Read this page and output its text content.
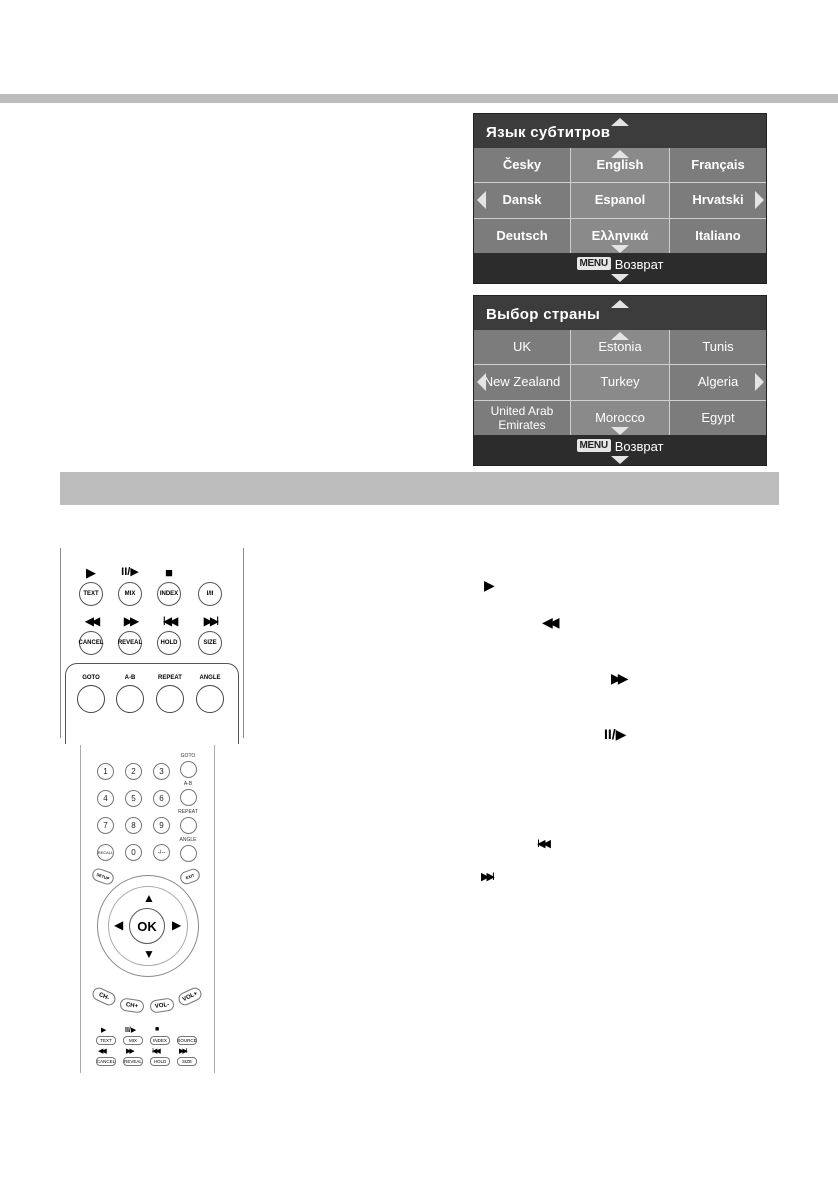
Язык субтитров
Česky	English	Français
Dansk	Espanol	Hrvatski
Deutsch	Ελληνικά	Italiano
MENU Возврат
Выбор страны
UK	Estonia	Tunis
New Zealand	Turkey	Algeria
United Arab Emirates	Morocco	Egypt
MENU Возврат
▶	II/▶	■
TEXT	MIX	INDEX	I/II
◀◀	▶▶	I◀◀	▶▶I
CANCEL REVEAL	HOLD	SIZE
GOTO	A-B	REPEAT	ANGLE
1	2	3
4	5	6
7	8	9
RECALL	0	-/--
GOTO
A-B
REPEAT
ANGLE
SETUP	EXIT
▲
▼
◀	▶
OK
CH-
CH+	VOL-
VOL+
▶	II/▶	■
TEXT	MIX	INDEX	SOURCE
◀◀	▶▶	I◀◀	▶▶I
CANCEL REVEAL	HOLD	SIZE
▶
◀◀
▶▶
II/▶
I◀◀
▶▶I
